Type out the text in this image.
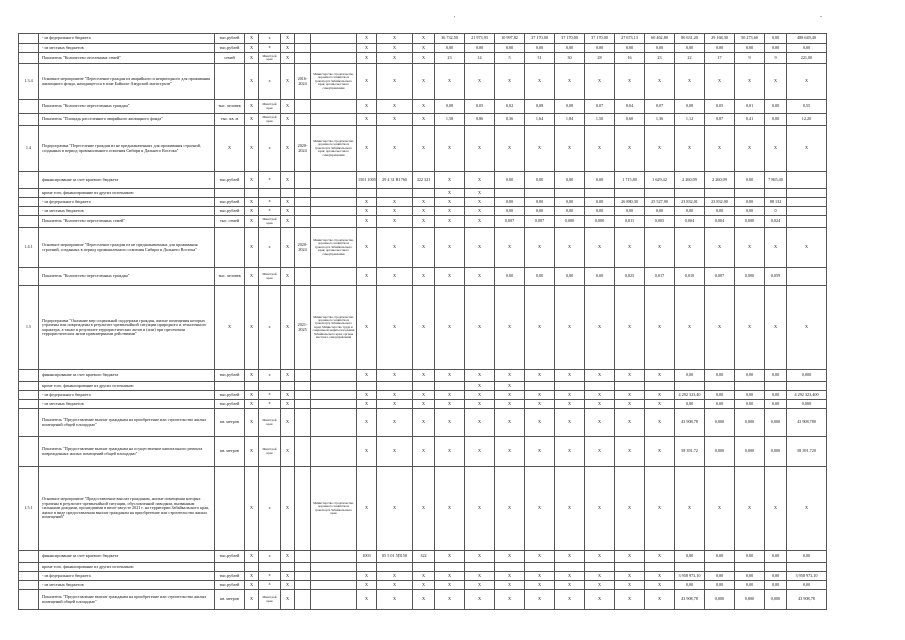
'	-
	- из федерального бюджета	тыс.рублей	X	X	X			X	X	X	36 732,50	21 973,93	10 997,82	37 170,00	37 170,00	37 170,00	27 673,13	60 462,80	80 631,20	29 168,30	50 273,60	0,00	488 649,40
	- из местных бюджетов	тыс.рублей	X	X	X			X	X	X	0,00	0,00	0,00	0,00	0,00	0,00	0,00	0,00	0,00	0,00	0,00	0,00	0,00
	Показатель "Количество отселенных семей"	семей	X	Минстрой края	X			X	X	X	23	14	5	31	30	28	16	23	22	17	9	9	221,00
1.3.4	Основное мероприятие "Переселение граждан из аварийного и непригодного для проживания жилищного фонда, находящегося в зоне Байкало-Амурской магистрали"		X	X	X	2016-2024	Министерство строительства, дорожного хозяйства и транспорта Забайкальского края; органы местного самоуправления	X	X	X	X	X	X	X	X	X	X	X	X	X	X	X	X
	Показатель "Количество переселенных граждан"	тыс. человек	X	Минстрой края	X			X	X	X	0,08	0,05	0,02	0,08	0,08	0,07	0,04	0,07	0,08	0,05	0,01	0,00	0,55
	Показатель "Площадь расселенного аварийного жилищного фонда"	тыс. кв. м	X	Минстрой края	X			X	X	X	1,58	0,86	0,36	1,64	1,84	1,50	0,60	1,36	1,12	0,87	0,41	0,00	12,20
1.4	Подпрограмма "Переселение граждан из не предназначенных для проживания строений, созданных в период промышленного освоения Сибири и Дальнего Востока"	X	X	X	X	2020-2024	Министерство строительства, дорожного хозяйства и транспорта Забайкальского края; органы местного самоуправления	X	X	X	X	X	X	X	X	X	X	X	X	X	X	X	X
	финансирование за счет краевого бюджета	тыс.рублей	X	X	X			1501 1005	29 4 31 R1760	322 321	X	X	0,00	0,00	0,00	0,00	1 715,80	1 629,42	2 260,09	2 260,09	0,00	7 865,40	
	кроме того, финансирование из других источников:										X	X											
	- из федерального бюджета	тыс.рублей	X	X	X			X	X	X	X	X	0,00	0,00	0,00	0,00	26 880,30	25 527,90	23 832,01	23 832,00	0,00	88 132	
	- из местных бюджетов	тыс.рублей	X	X	X			X	X	X	X	X	0,00	0,00	0,00	0,00	0,00	0,00	0,00	0,00	0,00	0	
	Показатель "Количество переселенных семей"	тыс. семей	X	Минстрой края	X			X	X	X	X	X	0,007	0,007	0,000	0,000	0,011	0,005	0,004	0,004	0,000	0,024	
1.4.1	Основное мероприятие "Переселение граждан из не предназначенных для проживания строений, созданных в период промышленного освоения Сибири и Дальнего Востока"		X	X	X	2020-2024	Министерство строительства, дорожного хозяйства и транспорта Забайкальского края; органы местного самоуправления	X	X	X	X	X	X	X	X	X	X	X	X	X	X	X	X
	Показатель "Количество переселенных граждан"	тыс. человек	X	Минстрой края	X			X	X	X	X	X	0,00	0,00	0,00	0,00	0,025	0,017	0,010	0,007	0,000	0,059	
1.5	Подпрограмма "Оказание мер социальной поддержки граждан, жилые помещения которых утрачены или повреждены в результате чрезвычайной ситуации природного и техногенного характера, а также в результате террористических актов и (или) при пресечении террористических актов правомерными действиями"	X	X	X	X	2021-2025	Министерство строительства, дорожного хозяйства и транспорта Забайкальского края; Министерство труда и социальной защиты населения Забайкальского края; органы местного самоуправления	X	X	X	X	X	X	X	X	X	X	X	X	X	X	X	X
	финансирование за счет краевого бюджета	тыс.рублей	X	X	X			X	X	X	X	X	X	X	X	X	X	X	0,00	0,00	0,00	0,00	0,000
	кроме того, финансирование из других источников:											X	X										
	- из федерального бюджета	тыс.рублей	X	X	X			X	X	X	X	X	X	X	X	X	X	X	4 292 323,40	0,00	0,00	0,00	4 292 323,400
	- из местных бюджетов	тыс.рублей	X	X	X			X	X	X	X	X	X	X	X	X	X	X	0,00	0,00	0,00	0,00	0,000
	Показатель "Предоставление выплат гражданам на приобретение или строительство жилых помещений общей площадью"	кв. метров	X	Минстрой края	X			X	X	X	X	X	X	X	X	X	X	X	43 908,78	0,000	0,000	0,000	43 908,780
	Показатель "Предоставление выплат гражданам на осуществление капитального ремонта поврежденных жилых помещений общей площадью"	кв. метров	X	Минстрой края	X			X	X	X	X	X	X	X	X	X	X	X	58 391,72	0,000	0,000	0,000	58 391,720
1.5.1	Основное мероприятие "Предоставление выплат гражданам, жилые помещения которых утрачены в результате чрезвычайной ситуации, обусловленной паводком, вызванным сильными дождями, прошедшими в июле-августе 2021 г. на территории Забайкальского края, жилье в виде предоставления выплат гражданам на приобретение или строительство жилых помещений"		X	X	X		Министерство строительства, дорожного хозяйства и транспорта Забайкальского края	X	X	X	X	X	X	X	X	X	X	X	X	X	X	X	X
	финансирование за счет краевого бюджета	тыс.рублей	X	X	X			1003	05 5 01 5П150	322	X	X	X	X	X	X	X	X	0,00	0,00	0,00	0,00	0,00
	кроме того, финансирование из других источников:																						
	- из федерального бюджета	тыс.рублей	X	X	X			X	X	X	X	X	X	X	X	X	X	X	3 958 973,10	0,00	0,00	0,00	3 958 973,10
	- из местных бюджетов	тыс.рублей	X	X	X			X	X	X	X	X	X	X	X	X	X	X	0,00	0,00	0,00	0,00	0,00
	Показатель "Предоставление выплат гражданам на приобретение или строительство жилых помещений общей площадью"	кв. метров	X	Минстрой края	X			X	X	X	X	X	X	X	X	X	X	X	43 908,78	0,000	0,000	0,000	43 908,78
